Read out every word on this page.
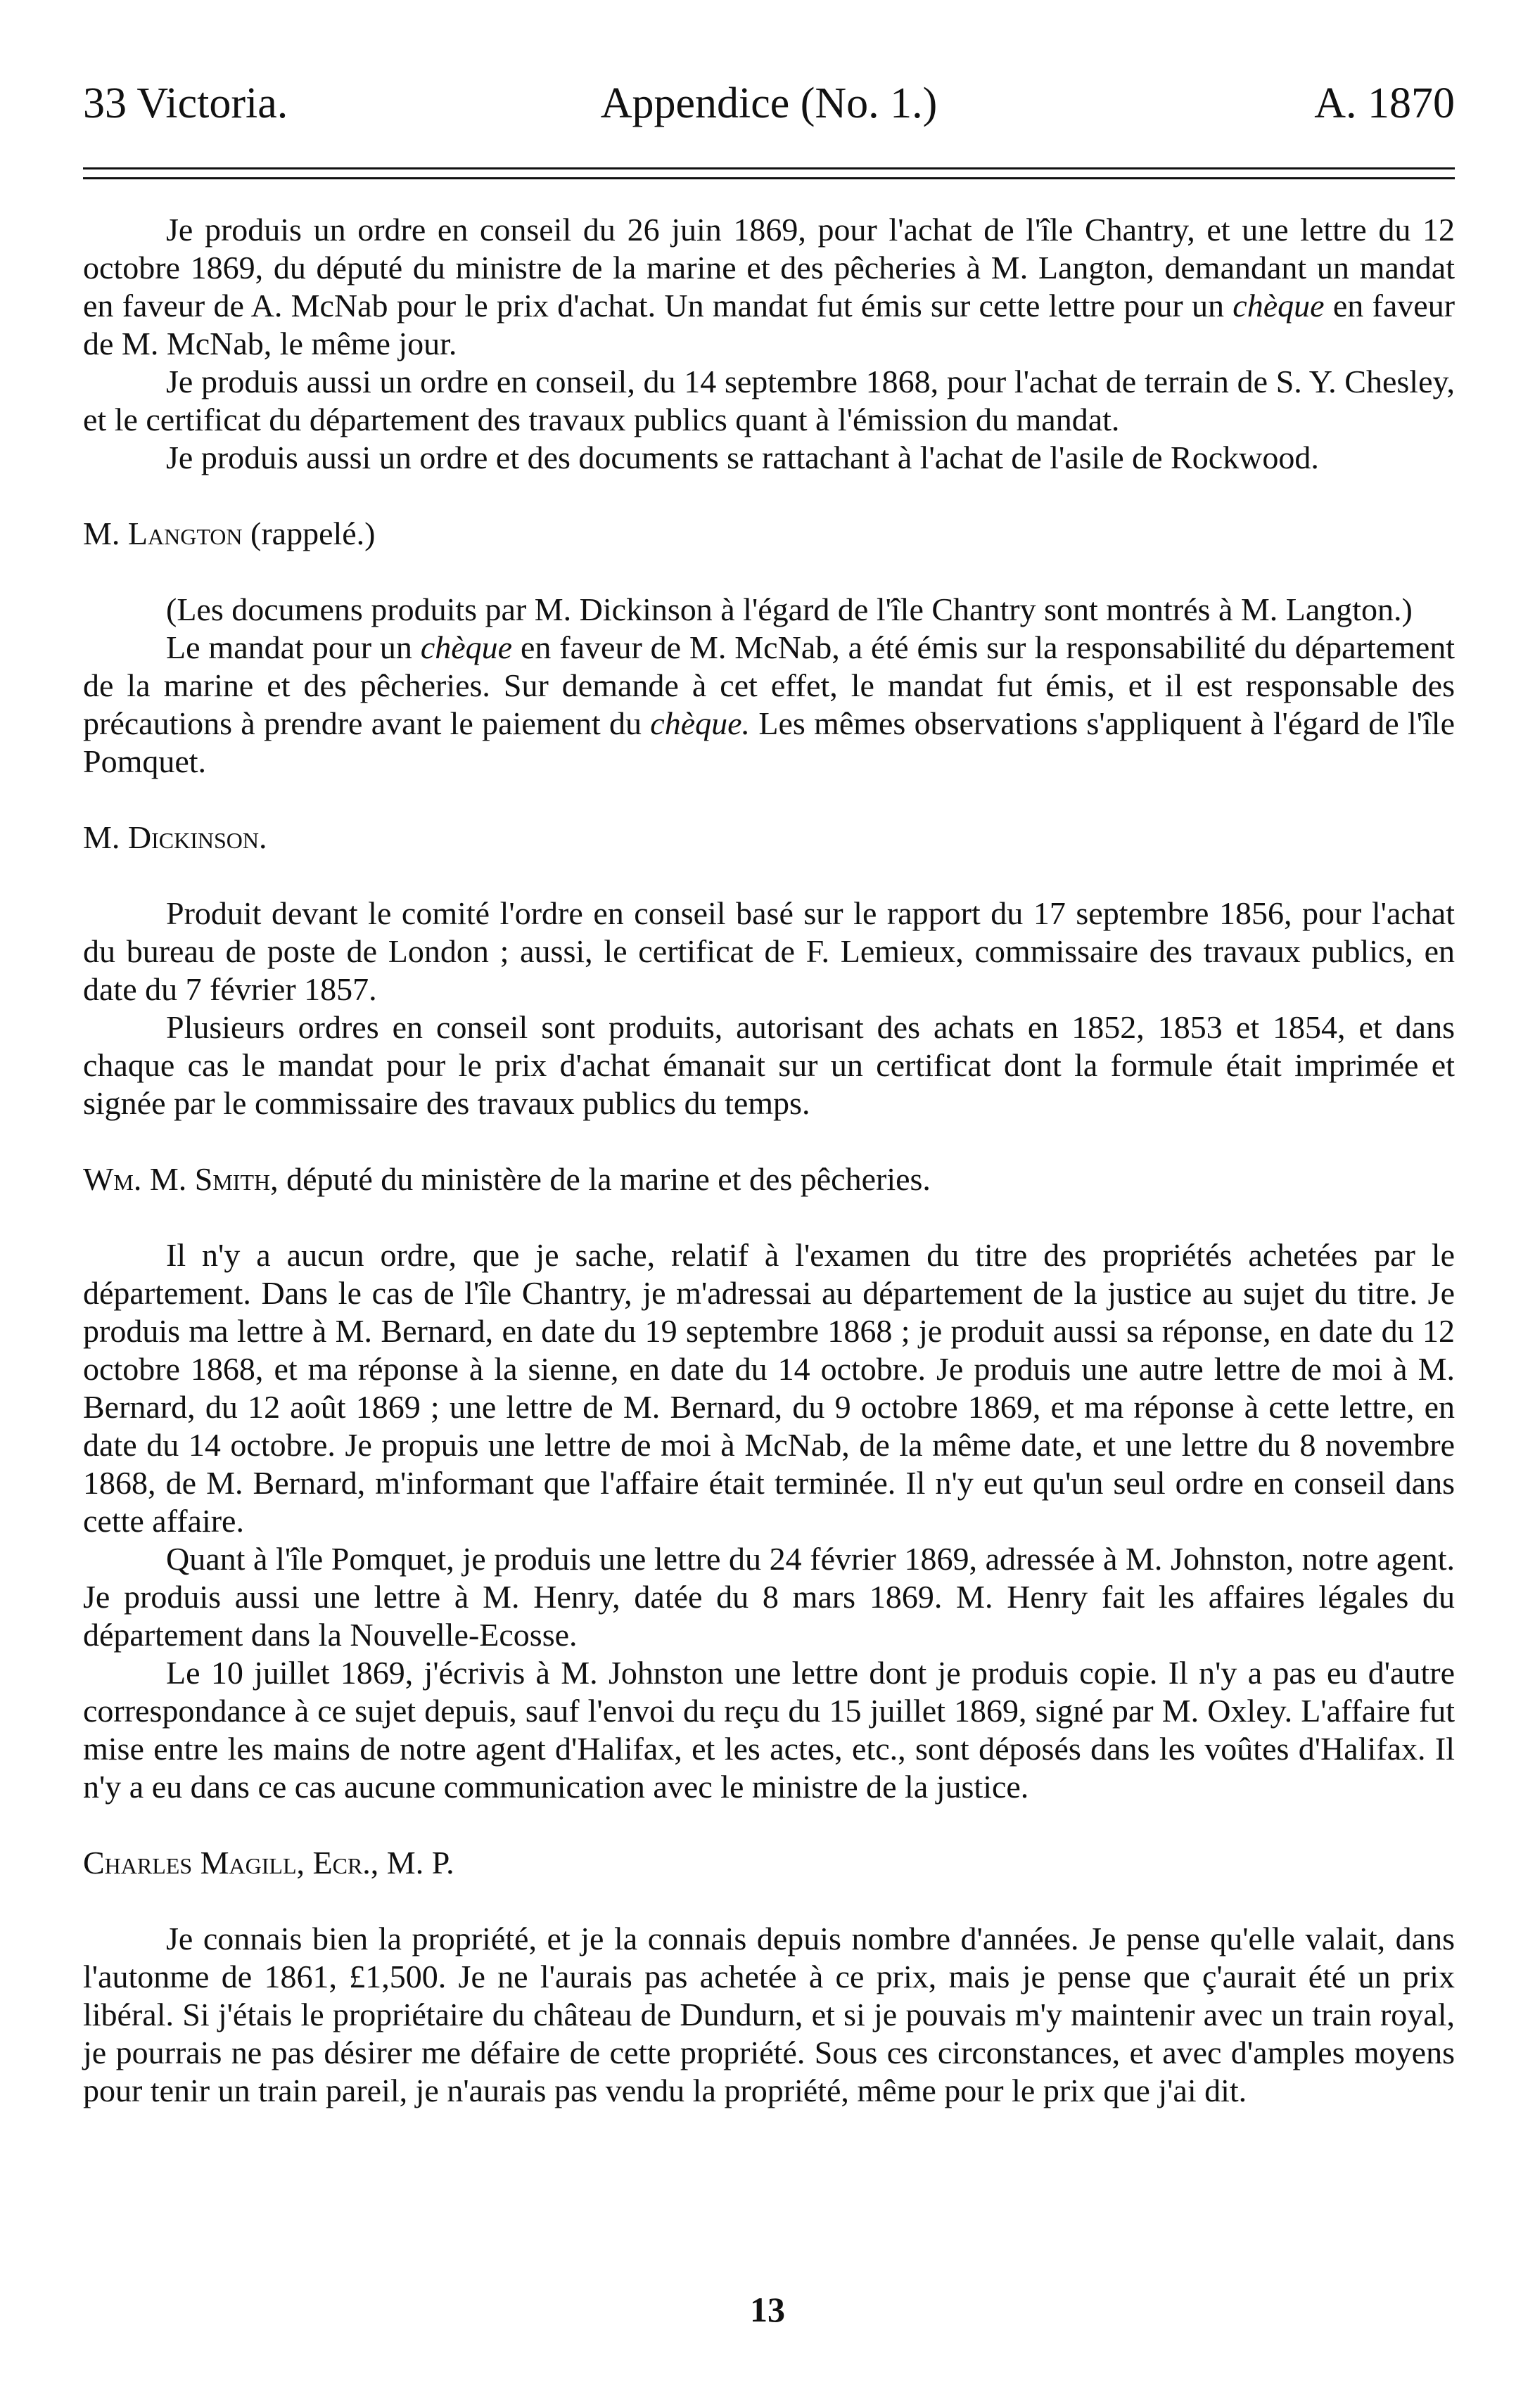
33 Victoria.	Appendice (No. 1.)	A. 1870

Je produis un ordre en conseil du 26 juin 1869, pour l'achat de l'île Chantry, et une lettre du 12 octobre 1869, du député du ministre de la marine et des pêcheries à M. Langton, demandant un mandat en faveur de A. McNab pour le prix d'achat. Un mandat fut émis sur cette lettre pour un chèque en faveur de M. McNab, le même jour.

Je produis aussi un ordre en conseil, du 14 septembre 1868, pour l'achat de terrain de S. Y. Chesley, et le certificat du département des travaux publics quant à l'émission du mandat.

Je produis aussi un ordre et des documents se rattachant à l'achat de l'asile de Rockwood.

M. Langton (rappelé.)

(Les documens produits par M. Dickinson à l'égard de l'île Chantry sont montrés à M. Langton.)

Le mandat pour un chèque en faveur de M. McNab, a été émis sur la responsabilité du département de la marine et des pêcheries. Sur demande à cet effet, le mandat fut émis, et il est responsable des précautions à prendre avant le paiement du chèque. Les mêmes observations s'appliquent à l'égard de l'île Pomquet.

M. Dickinson.

Produit devant le comité l'ordre en conseil basé sur le rapport du 17 septembre 1856, pour l'achat du bureau de poste de London ; aussi, le certificat de F. Lemieux, commissaire des travaux publics, en date du 7 février 1857.

Plusieurs ordres en conseil sont produits, autorisant des achats en 1852, 1853 et 1854, et dans chaque cas le mandat pour le prix d'achat émanait sur un certificat dont la formule était imprimée et signée par le commissaire des travaux publics du temps.

Wm. M. Smith, député du ministère de la marine et des pêcheries.

Il n'y a aucun ordre, que je sache, relatif à l'examen du titre des propriétés achetées par le département. Dans le cas de l'île Chantry, je m'adressai au département de la justice au sujet du titre. Je produis ma lettre à M. Bernard, en date du 19 septembre 1868 ; je produit aussi sa réponse, en date du 12 octobre 1868, et ma réponse à la sienne, en date du 14 octobre. Je produis une autre lettre de moi à M. Bernard, du 12 août 1869 ; une lettre de M. Bernard, du 9 octobre 1869, et ma réponse à cette lettre, en date du 14 octobre. Je propuis une lettre de moi à McNab, de la même date, et une lettre du 8 novembre 1868, de M. Bernard, m'informant que l'affaire était terminée. Il n'y eut qu'un seul ordre en conseil dans cette affaire.

Quant à l'île Pomquet, je produis une lettre du 24 février 1869, adressée à M. Johnston, notre agent. Je produis aussi une lettre à M. Henry, datée du 8 mars 1869. M. Henry fait les affaires légales du département dans la Nouvelle-Ecosse.

Le 10 juillet 1869, j'écrivis à M. Johnston une lettre dont je produis copie. Il n'y a pas eu d'autre correspondance à ce sujet depuis, sauf l'envoi du reçu du 15 juillet 1869, signé par M. Oxley. L'affaire fut mise entre les mains de notre agent d'Halifax, et les actes, etc., sont déposés dans les voûtes d'Halifax. Il n'y a eu dans ce cas aucune communication avec le ministre de la justice.

Charles Magill, Ecr., M. P.

Je connais bien la propriété, et je la connais depuis nombre d'années. Je pense qu'elle valait, dans l'autonme de 1861, £1,500. Je ne l'aurais pas achetée à ce prix, mais je pense que ç'aurait été un prix libéral. Si j'étais le propriétaire du château de Dundurn, et si je pouvais m'y maintenir avec un train royal, je pourrais ne pas désirer me défaire de cette propriété. Sous ces circonstances, et avec d'amples moyens pour tenir un train pareil, je n'aurais pas vendu la propriété, même pour le prix que j'ai dit.

13
